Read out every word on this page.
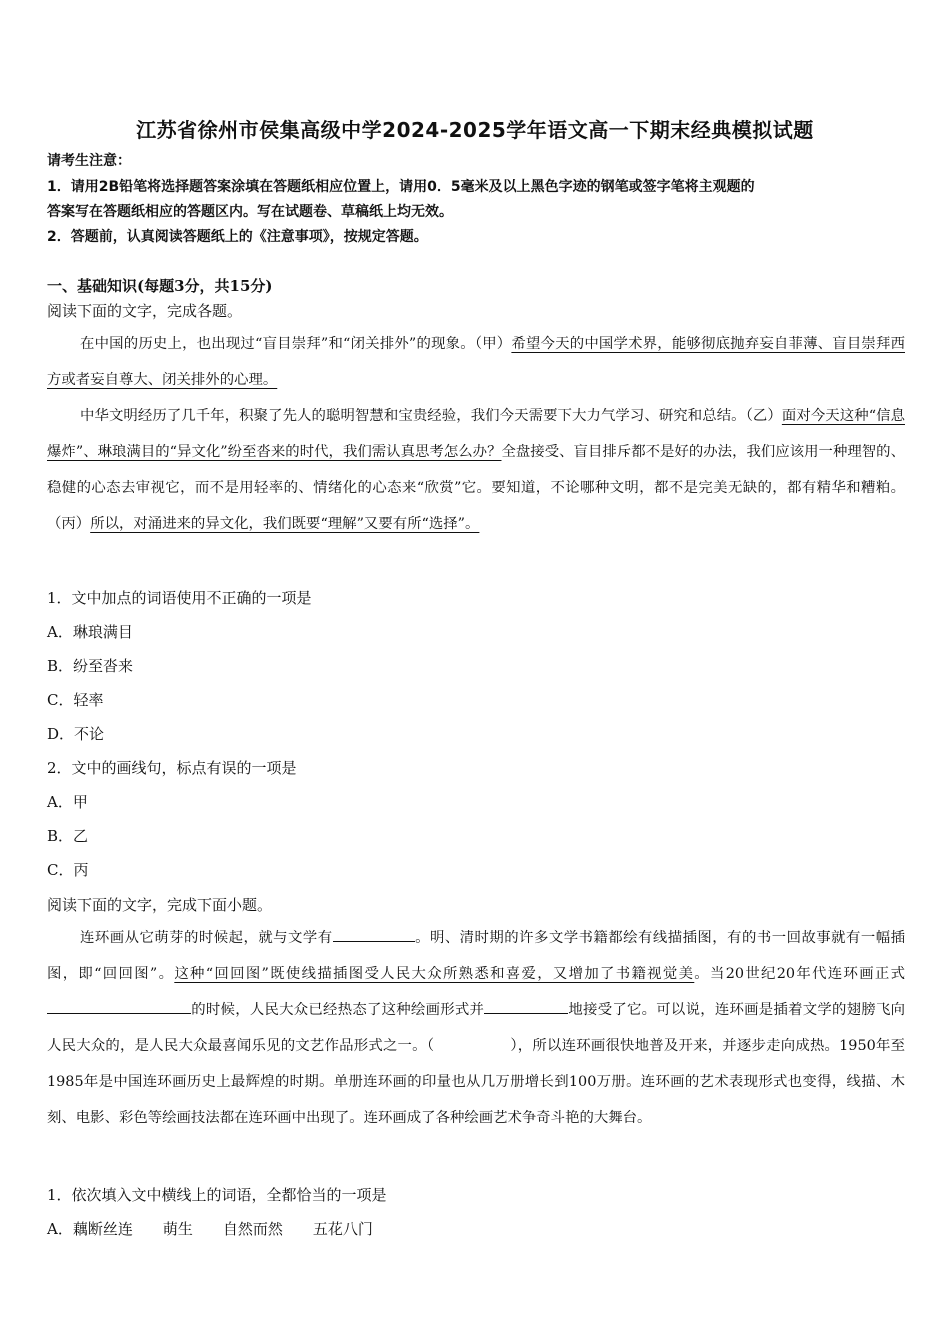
江苏省徐州市侯集高级中学2024-2025学年语文高一下期末经典模拟试题
请考生注意：
1．请用2B铅笔将选择题答案涂填在答题纸相应位置上，请用0．5毫米及以上黑色字迹的钢笔或签字笔将主观题的
答案写在答题纸相应的答题区内。写在试题卷、草稿纸上均无效。
2．答题前，认真阅读答题纸上的《注意事项》，按规定答题。
一、基础知识(每题3分，共15分)
阅读下面的文字，完成各题。
在中国的历史上，也出现过“盲目崇拜”和“闭关排外”的现象。（甲）希望今天的中国学术界，能够彻底抛弃妄自菲薄、盲目崇拜西方或者妄自尊大、闭关排外的心理。
中华文明经历了几千年，积聚了先人的聪明智慧和宝贵经验，我们今天需要下大力气学习、研究和总结。（乙）面对今天这种“信息爆炸”、琳琅满目的“异文化”纷至沓来的时代，我们需认真思考怎么办？全盘接受、盲目排斥都不是好的办法，我们应该用一种理智的、稳健的心态去审视它，而不是用轻率的、情绪化的心态来“欣赏”它。要知道，不论哪种文明，都不是完美无缺的，都有精华和糟粕。（丙）所以，对涌进来的异文化，我们既要“理解”又要有所“选择”。
1．文中加点的词语使用不正确的一项是
A．琳琅满目
B．纷至沓来
C．轻率
D．不论
2．文中的画线句，标点有误的一项是
A．甲
B．乙
C．丙
阅读下面的文字，完成下面小题。
连环画从它萌芽的时候起，就与文学有	。明、清时期的许多文学书籍都绘有线描插图，有的书一回故事就有一幅插图，即“回回图”。这种“回回图”既使线描插图受人民大众所熟悉和喜爱，又增加了书籍视觉美。当20世纪20年代连环画正式的时候，人民大众已经热态了这种绘画形式并	地接受了它。可以说，连环画是插着文学的翅膀飞向人民大众的，是人民大众最喜闻乐见的文艺作品形式之一。（	），所以连环画很快地普及开来，并逐步走向成热。1950年至1985年是中国连环画历史上最辉煌的时期。单册连环画的印量也从几万册增长到100万册。连环画的艺术表现形式也变得，线描、木刻、电影、彩色等绘画技法都在连环画中出现了。连环画成了各种绘画艺术争奇斗艳的大舞台。
1．依次填入文中横线上的词语，全都恰当的一项是
A．藕断丝连　　萌生　　自然而然　　五花八门
